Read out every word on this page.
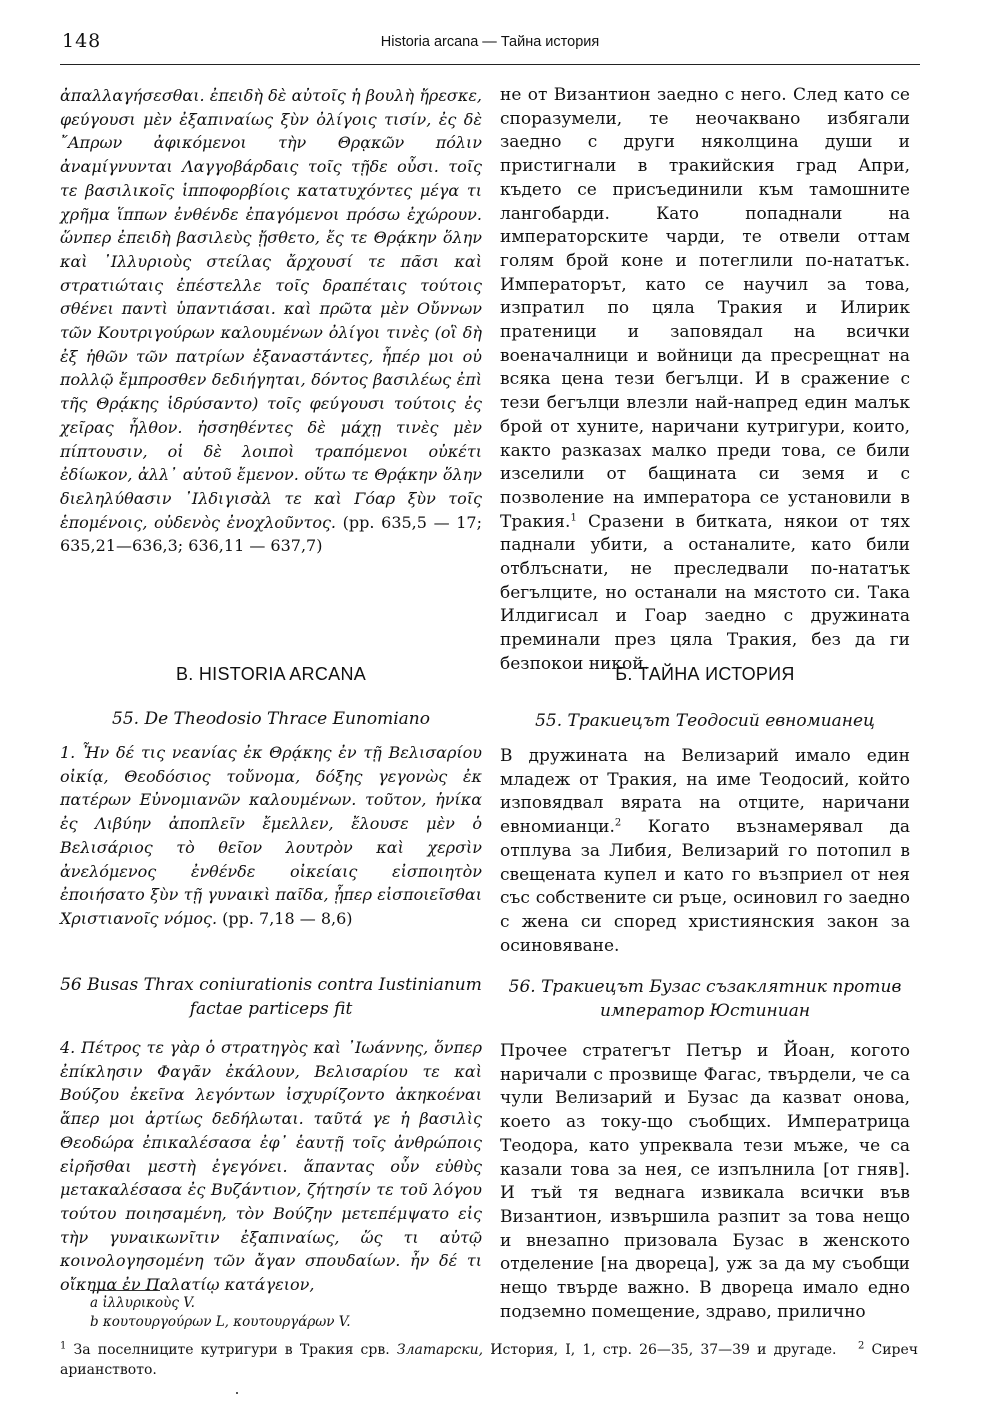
148	Historia arcana — Тайна история

ἀπαλλαγήσεσθαι. ἐπειδὴ δὲ αὐτοῖς ἡ βουλὴ ἤρεσκε, φεύγουσι μὲν ἐξαπιναίως ξὺν ὀλίγοις τισίν, ἐς δὲ ῎Απρων ἀφικόμενοι τὴν Θρᾳκῶν πόλιν ἀναμίγνυνται Λαγγοβάρδαις τοῖς τῇδε οὖσι. τοῖς τε βασιλικοῖς ἱπποφορβίοις κατατυχόντες μέγα τι χρῆμα ἵππων ἐνθένδε ἐπαγόμενοι πρόσω ἐχώρουν. ὥνπερ ἐπειδὴ βασιλεὺς ᾔσθετο, ἔς τε Θρᾴκην ὅλην καὶ ᾿Ιλλυριοὺς στείλας ἄρχουσί τε πᾶσι καὶ στρατιώταις ἐπέστελλε τοῖς δραπέταις τούτοις σθένει παντὶ ὑπαντιάσαι. καὶ πρῶτα μὲν Οὔννων τῶν Κουτριγούρων καλουμένων ὀλίγοι τινὲς (οἳ δὴ ἐξ ἠθῶν τῶν πατρίων ἐξαναστάντες, ἧπέρ μοι οὐ πολλῷ ἔμπροσθεν δεδιήγηται, δόντος βασιλέως ἐπὶ τῆς Θρᾴκης ἱδρύσαντο) τοῖς φεύγουσι τούτοις ἐς χεῖρας ἦλθον. ἡσσηθέντες δὲ μάχῃ τινὲς μὲν πίπτουσιν, οἱ δὲ λοιποὶ τραπόμενοι οὐκέτι ἐδίωκον, ἀλλ᾿ αὐτοῦ ἔμενον. οὕτω τε Θρᾴκην ὅλην διεληλύθασιν ᾿Ιλδιγισὰλ τε καὶ Γόαρ ξὺν τοῖς ἑπομένοις, οὐδενὸς ἐνοχλοῦντος. (pp. 635,5 — 17; 635,21—636,3; 636,11 — 637,7)

не от Византион заедно с него. След като се споразумели, те неочаквано избягали заедно с други няколцина души и пристигнали в тракийския град Апри, където се присъединили към тамошните лангобарди. Като попаднали на императорските чарди, те отвели оттам голям брой коне и потеглили по-нататък. Императорът, като се научил за това, изпратил по цяла Тракия и Илирик пратеници и заповядал на всички военачалници и войници да пресрещнат на всяка цена тези бегълци. И в сражение с тези бегълци влезли най-напред един малък брой от хуните, наричани кутригури, които, както разказах малко преди това, се били изселили от бащината си земя и с позволение на императора се установили в Тракия.$^1$ Сразени в битката, някои от тях паднали убити, а останалите, като били отблъснати, не преследвали по-нататък бегълците, но останали на мястото си. Така Илдигисал и Гоар заедно с дружината преминали през цяла Тракия, без да ги безпокои никой.

B. HISTORIA ARCANA	Б. ТАЙНА ИСТОРИЯ
55. De Theodosio Thrace Eunomiano	55. Тракиецът Теодосий евномианец

1. Ἦν δέ τις νεανίας ἐκ Θρᾴκης ἐν τῇ Βελισαρίου οἰκίᾳ, Θεοδόσιος τοὔνομα, δόξης γεγονὼς ἐκ πατέρων Εὐνομιανῶν καλουμένων. τοῦτον, ἡνίκα ἐς Λιβύην ἀποπλεῖν ἔμελλεν, ἔλουσε μὲν ὁ Βελισάριος τὸ θεῖον λουτρὸν καὶ χερσὶν ἀνελόμενος ἐνθένδε οἰκείαις εἰσποιητὸν ἐποιήσατο ξὺν τῇ γυναικὶ παῖδα, ᾗπερ εἰσποιεῖσθαι Χριστιανοῖς νόμος. (pp. 7,18 — 8,6)

В дружината на Велизарий имало един младеж от Тракия, на име Теодосий, който изповядвал вярата на отците, наричани евномианци.$^2$ Когато възнамерявал да отплува за Либия, Велизарий го потопил в свещената купел и като го възприел от нея със собствените си ръце, осиновил го заедно с жена си според християнския закон за осиновяване.

56 Busas Thrax coniurationis contra Iustinianum factae particeps fit
56. Тракиецът Бузас съзаклятник против император Юстиниан

4. Πέτρος τε γὰρ ὁ στρατηγὸς καὶ ᾿Ιωάννης, ὅνπερ ἐπίκλησιν Φαγᾶν ἐκάλουν, Βελισαρίου τε καὶ Βούζου ἐκεῖνα λεγόντων ἰσχυρίζοντο ἀκηκοέναι ἅπερ μοι ἀρτίως δεδήλωται. ταῦτά γε ἡ βασιλὶς Θεοδώρα ἐπικαλέσασα ἐφ᾿ ἑαυτῇ τοῖς ἀνθρώποις εἰρῆσθαι μεστὴ ἐγεγόνει. ἅπαντας οὖν εὐθὺς μετακαλέσασα ἐς Βυζάντιον, ζήτησίν τε τοῦ λόγου τούτου ποιησαμένη, τὸν Βούζην μετεπέμψατο εἰς τὴν γυναικωνῖτιν ἐξαπιναίως, ὥς τι αὐτῷ κοινολογησομένη τῶν ἄγαν σπουδαίων. ἦν δέ τι οἴκημα ἐν Παλατίῳ κατάγειον,

Прочее стратегът Петър и Йоан, когото наричали с прозвище Фагас, твърдели, че са чули Велизарий и Бузас да казват онова, което аз току-що съобщих. Императрица Теодора, като упреквала тези мъже, че са казали това за нея, се изпълнила [от гняв]. И тъй тя веднага извикала всички във Византион, извършила разпит за това нещо и внезапно призовала Бузас в женското отделение [на двореца], уж за да му съобщи нещо твърде важно. В двореца имало едно подземно помещение, здраво, прилично

a ἰλλυρικοὺς V.
b κουτουργούρων L, κουτουργάρων V.
$^1$ За поселниците кутригури в Тракия срв. Златарски, История, I, 1, стр. 26—35, 37—39 и другаде. $^2$ Сиреч арианството.
